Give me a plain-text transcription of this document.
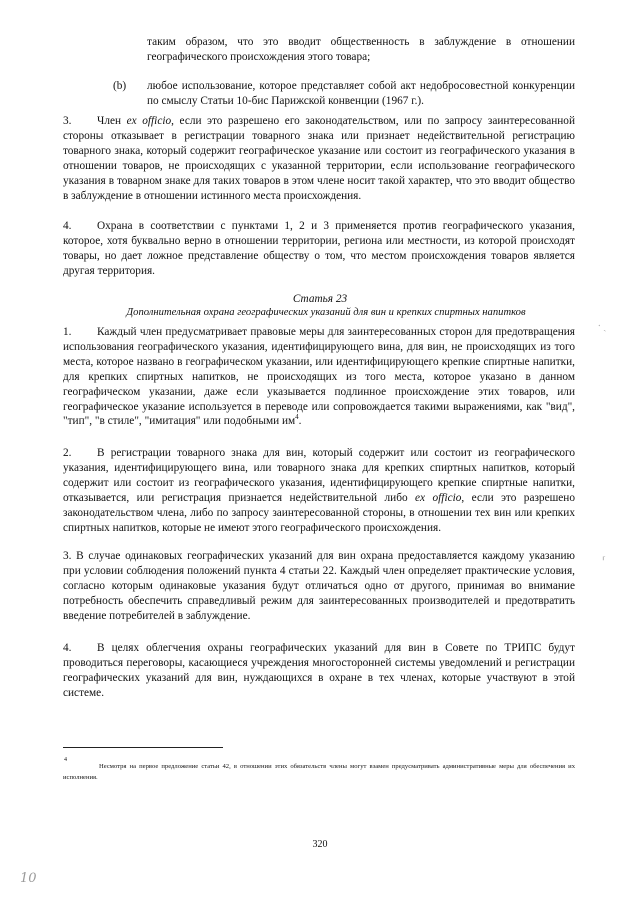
таким образом, что это вводит общественность в заблуждение в отношении географического происхождения этого товара;

(b) любое использование, которое представляет собой акт недобросовестной конкуренции по смыслу Статьи 10-бис Парижской конвенции (1967 г.).

3.	Член ex officio, если это разрешено его законодательством, или по запросу заинтересованной стороны отказывает в регистрации товарного знака или признает недействительной регистрацию товарного знака, который содержит географическое указание или состоит из географического указания в отношении товаров, не происходящих с указанной территории, если использование географического указания в товарном знаке для таких товаров в этом члене носит такой характер, что это вводит общество в заблуждение в отношении истинного места происхождения.

4.	Охрана в соответствии с пунктами 1, 2 и 3 применяется против географического указания, которое, хотя буквально верно в отношении территории, региона или местности, из которой происходят товары, но дает ложное представление обществу о том, что местом происхождения товаров является другая территория.

Статья 23
Дополнительная охрана географических указаний для вин и крепких спиртных напитков
1.	Каждый член предусматривает правовые меры для заинтересованных сторон для предотвращения использования географического указания, идентифицирующего вина, для вин, не происходящих из того места, которое названо в географическом указании, или идентифицирующего крепкие спиртные напитки, для крепких спиртных напитков, не происходящих из того места, которое указано в данном географическом указании, даже если указывается подлинное происхождение этих товаров, или географическое указание используется в переводе или сопровождается такими выражениями, как "вид", "тип", "в стиле", "имитация" или подобными $им^4$.

2.	В регистрации товарного знака для вин, который содержит или состоит из географического указания, идентифицирующего вина, или товарного знака для крепких спиртных напитков, который содержит или состоит из географического указания, идентифицирующего крепкие спиртные напитки, отказывается, или регистрация признается недействительной либо ex officio, если это разрешено законодательством члена, либо по запросу заинтересованной стороны, в отношении тех вин или крепких спиртных напитков, которые не имеют этого географического происхождения.

3. В случае одинаковых географических указаний для вин охрана предоставляется каждому указанию при условии соблюдения положений пункта 4 статьи 22. Каждый член определяет практические условия, согласно которым одинаковые указания будут отличаться одно от другого, принимая во внимание потребность обеспечить справедливый режим для заинтересованных производителей и предотвратить введение потребителей в заблуждение.

4.	В целях облегчения охраны географических указаний для вин в Совете по ТРИПС будут проводиться переговоры, касающиеся учреждения многосторонней системы уведомлений и регистрации географических указаний для вин, нуждающихся в охране в тех членах, которые участвуют в этой системе.

4

Несмотря на первое предложение статьи 42, в отношении этих обязательств члены могут взамен предусматривать административные меры для обеспечения их исполнения.

320
10
⸱ ˎ
⸢
